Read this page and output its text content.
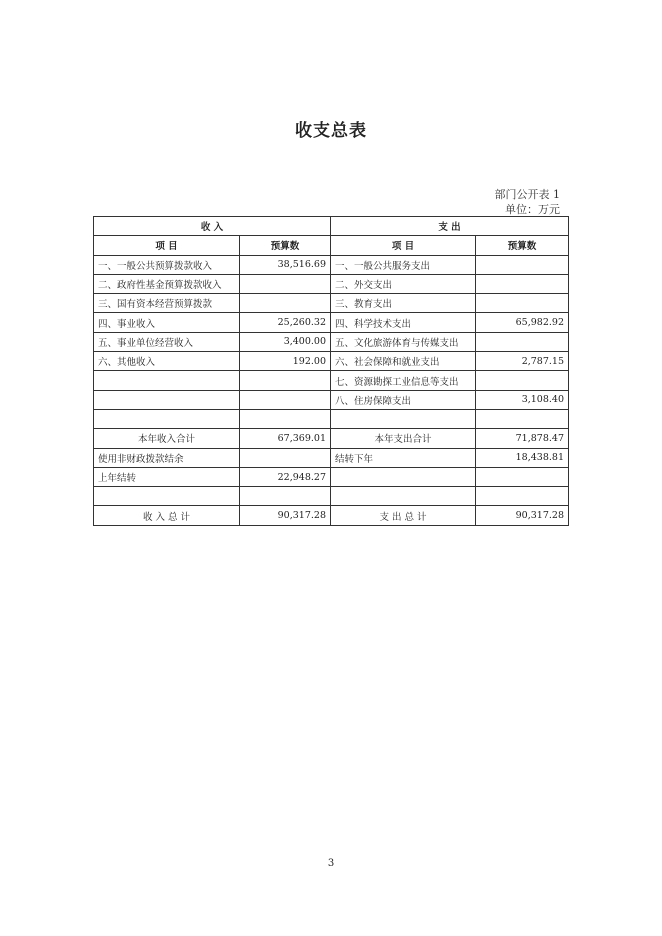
收支总表
部门公开表 1
单位：万元
收 入		支 出	
项 目	预算数	项 目	预算数
一、一般公共预算拨款收入	38,516.69	一、一般公共服务支出	
二、政府性基金预算拨款收入		二、外交支出	
三、国有资本经营预算拨款		三、教育支出	
四、事业收入	25,260.32	四、科学技术支出	65,982.92
五、事业单位经营收入	3,400.00	五、文化旅游体育与传媒支出	
六、其他收入	192.00	六、社会保障和就业支出	2,787.15
		七、资源勘探工业信息等支出	
		八、住房保障支出	3,108.40

本年收入合计	67,369.01	本年支出合计	71,878.47
使用非财政拨款结余		结转下年	18,438.81
上年结转	22,948.27		

收 入 总 计	90,317.28	支 出 总 计	90,317.28
3
